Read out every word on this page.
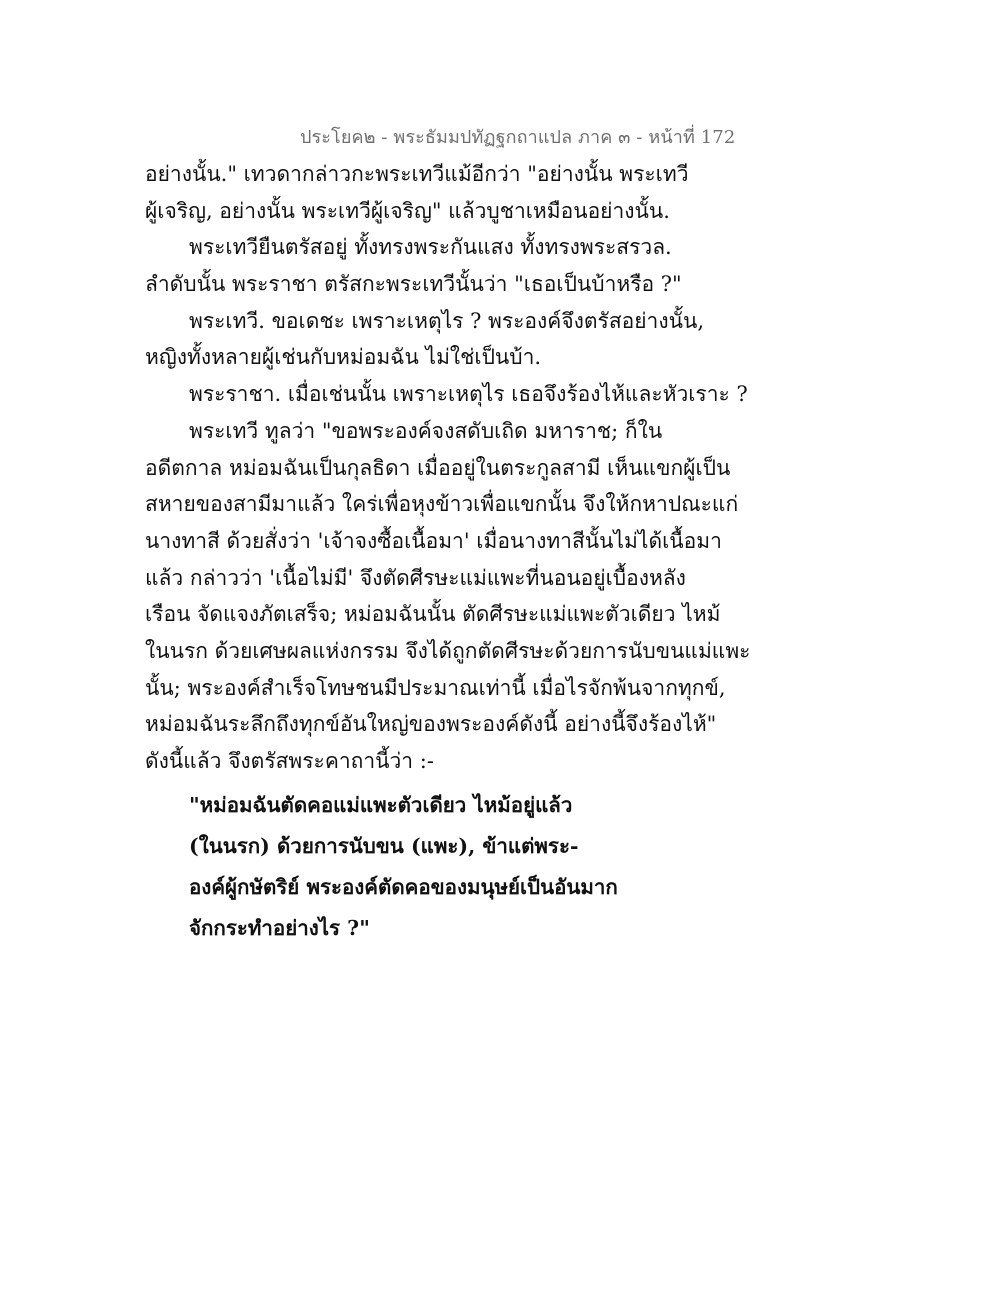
ประโยค๒ - พระธัมมปทัฏฐกถาแปล ภาค ๓ - หน้าที่ 172
อย่างนั้น." เทวดากล่าวกะพระเทวีแม้อีกว่า "อย่างนั้น พระเทวี
ผู้เจริญ, อย่างนั้น พระเทวีผู้เจริญ" แล้วบูชาเหมือนอย่างนั้น.
พระเทวียืนตรัสอยู่ ทั้งทรงพระกันแสง ทั้งทรงพระสรวล.
ลำดับนั้น พระราชา ตรัสกะพระเทวีนั้นว่า "เธอเป็นบ้าหรือ ?"
พระเทวี. ขอเดชะ เพราะเหตุไร ? พระองค์จึงตรัสอย่างนั้น,
หญิงทั้งหลายผู้เช่นกับหม่อมฉัน ไม่ใช่เป็นบ้า.
พระราชา. เมื่อเช่นนั้น เพราะเหตุไร เธอจึงร้องไห้และหัวเราะ ?
พระเทวี ทูลว่า "ขอพระองค์จงสดับเถิด มหาราช; ก็ใน
อดีตกาล หม่อมฉันเป็นกุลธิดา เมื่ออยู่ในตระกูลสามี เห็นแขกผู้เป็น
สหายของสามีมาแล้ว ใคร่เพื่อหุงข้าวเพื่อแขกนั้น จึงให้กหาปณะแก่
นางทาสี ด้วยสั่งว่า 'เจ้าจงซื้อเนื้อมา' เมื่อนางทาสีนั้นไม่ได้เนื้อมา
แล้ว กล่าวว่า 'เนื้อไม่มี' จึงตัดศีรษะแม่แพะที่นอนอยู่เบื้องหลัง
เรือน จัดแจงภัตเสร็จ; หม่อมฉันนั้น ตัดศีรษะแม่แพะตัวเดียว ไหม้
ในนรก ด้วยเศษผลแห่งกรรม จึงได้ถูกตัดศีรษะด้วยการนับขนแม่แพะ
นั้น; พระองค์สำเร็จโทษชนมีประมาณเท่านี้ เมื่อไรจักพ้นจากทุกข์,
หม่อมฉันระลึกถึงทุกข์อันใหญ่ของพระองค์ดังนี้ อย่างนี้จึงร้องไห้"
ดังนี้แล้ว จึงตรัสพระคาถานี้ว่า :-
"หม่อมฉันตัดคอแม่แพะตัวเดียว ไหม้อยู่แล้ว
(ในนรก) ด้วยการนับขน (แพะ), ข้าแต่พระ-
องค์ผู้กษัตริย์ พระองค์ตัดคอของมนุษย์เป็นอันมาก
จักกระทำอย่างไร ?"
